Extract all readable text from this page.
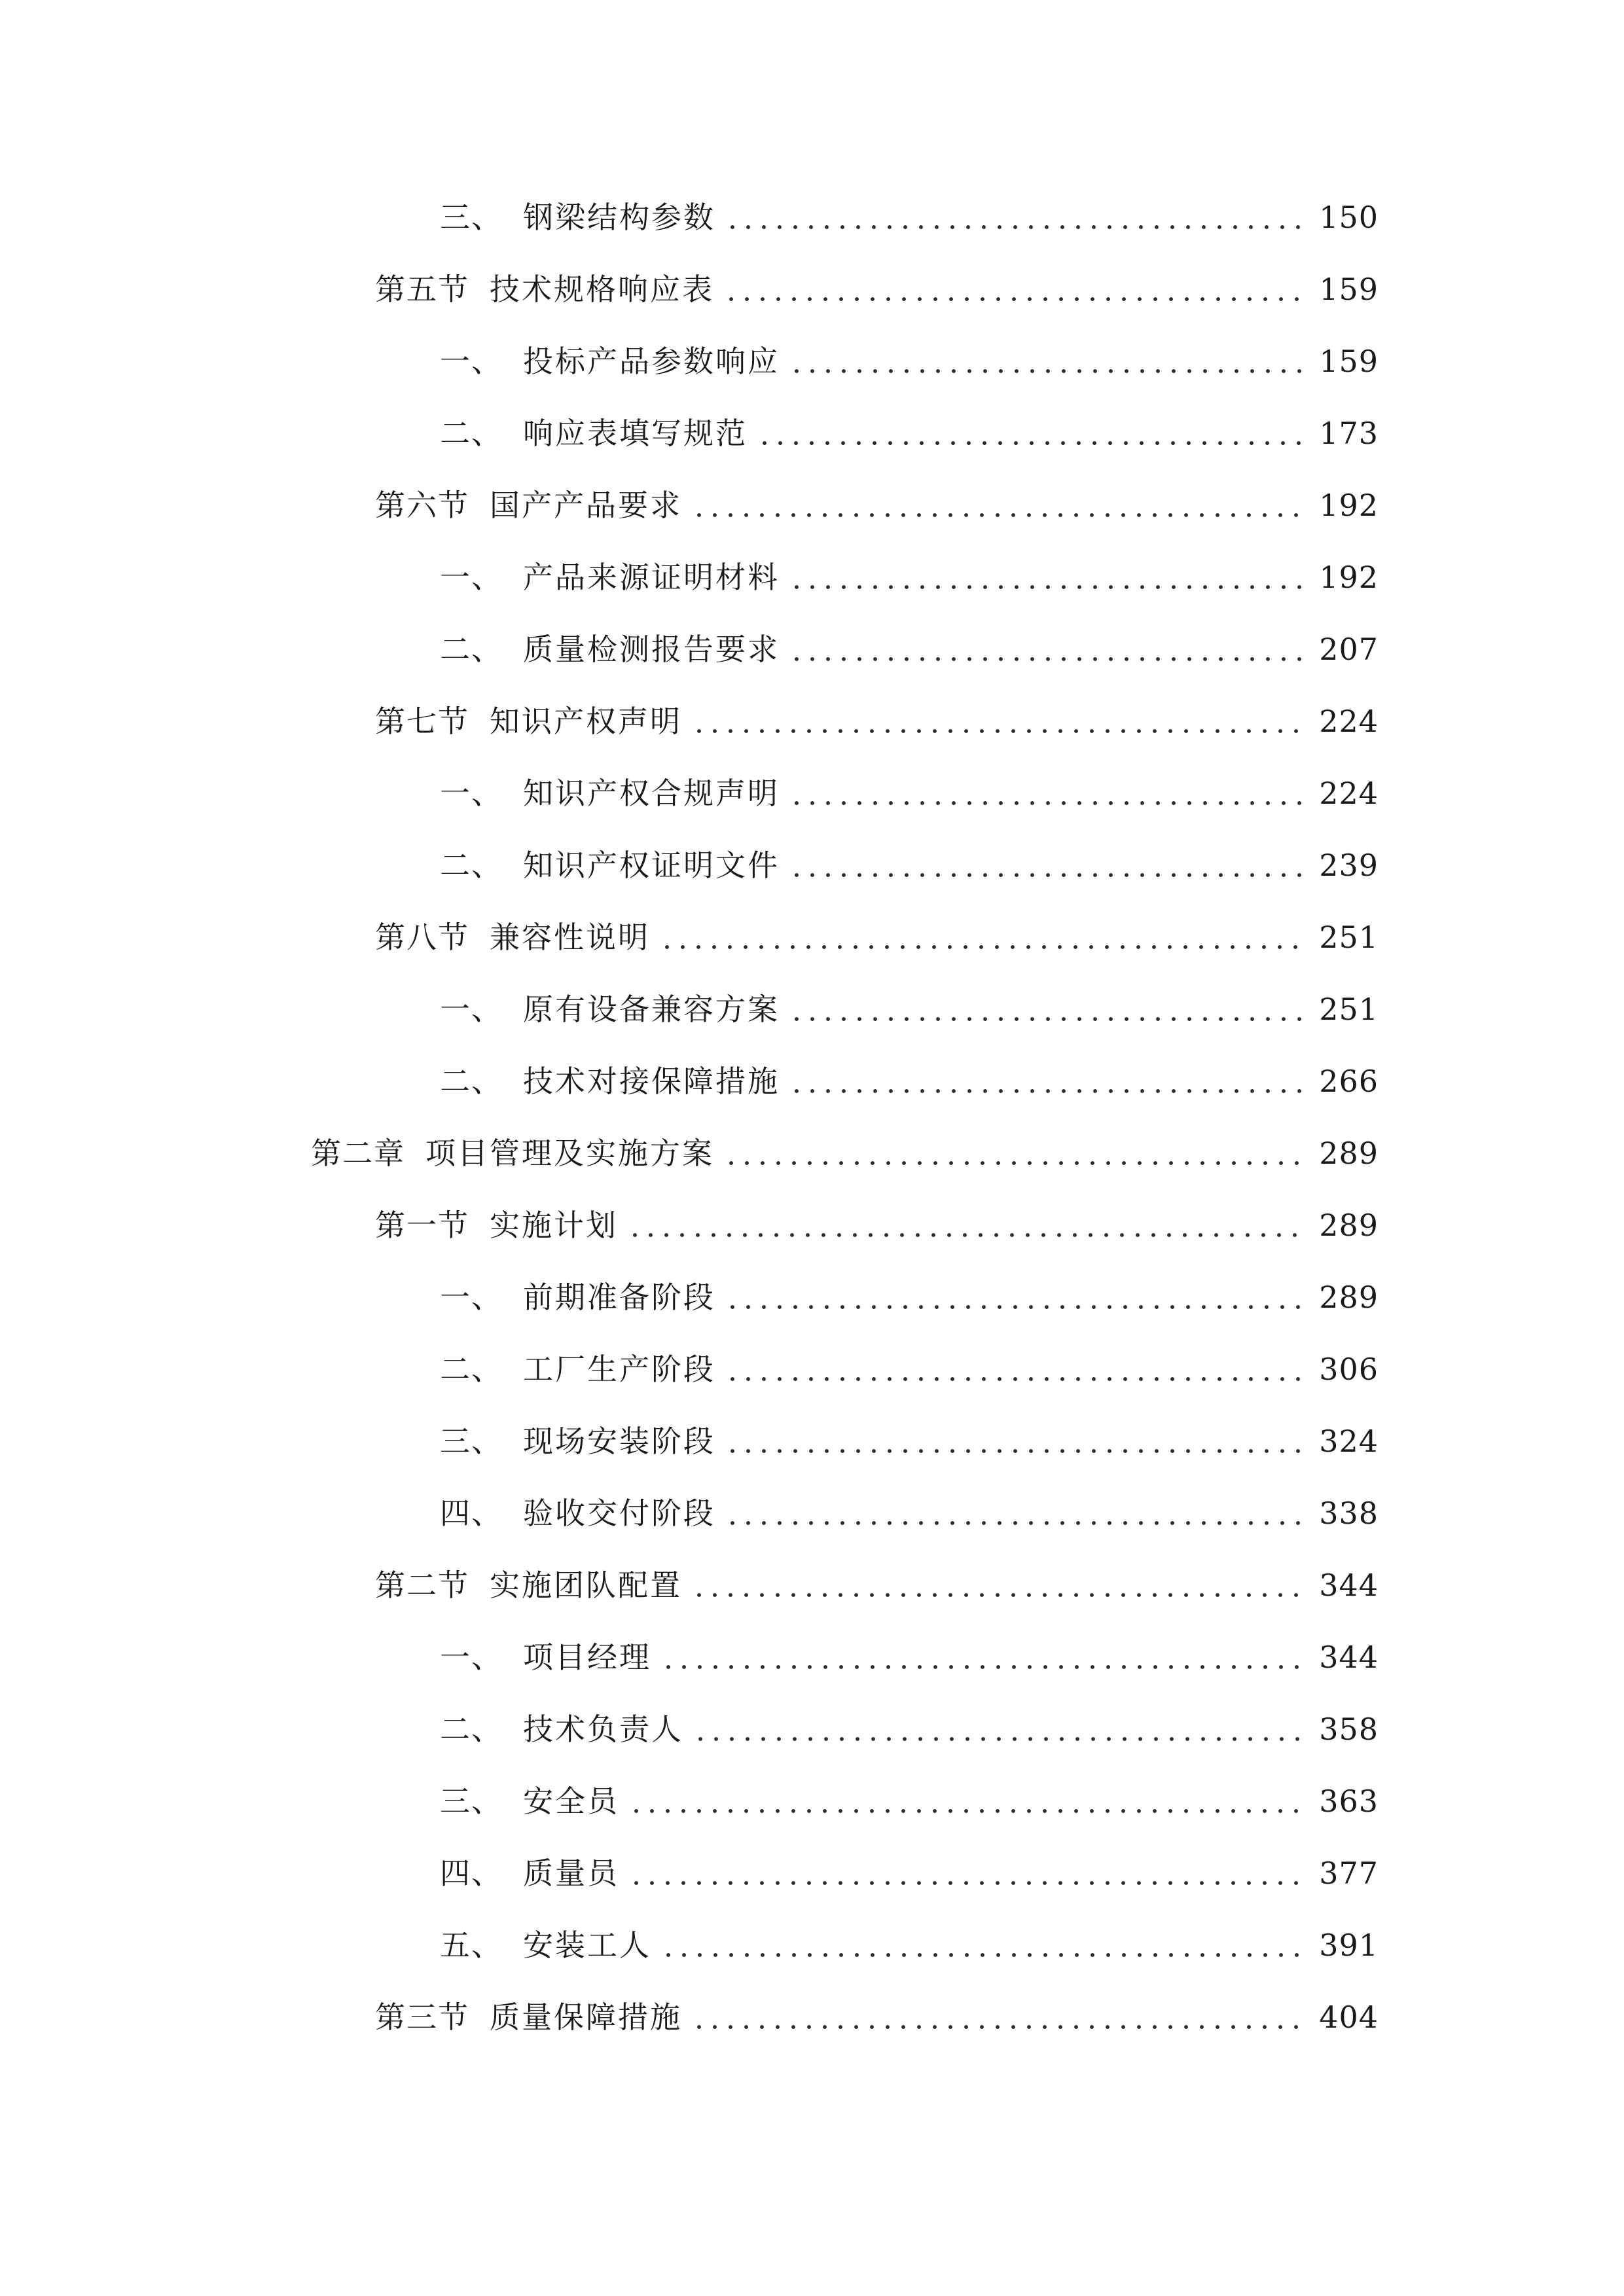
三、 钢梁结构参数	150
第五节 技术规格响应表	159
一、 投标产品参数响应	159
二、 响应表填写规范	173
第六节 国产产品要求	192
一、 产品来源证明材料	192
二、 质量检测报告要求	207
第七节 知识产权声明	224
一、 知识产权合规声明	224
二、 知识产权证明文件	239
第八节 兼容性说明	251
一、 原有设备兼容方案	251
二、 技术对接保障措施	266
第二章 项目管理及实施方案	289
第一节 实施计划	289
一、 前期准备阶段	289
二、 工厂生产阶段	306
三、 现场安装阶段	324
四、 验收交付阶段	338
第二节 实施团队配置	344
一、 项目经理	344
二、 技术负责人	358
三、 安全员	363
四、 质量员	377
五、 安装工人	391
第三节 质量保障措施	404
